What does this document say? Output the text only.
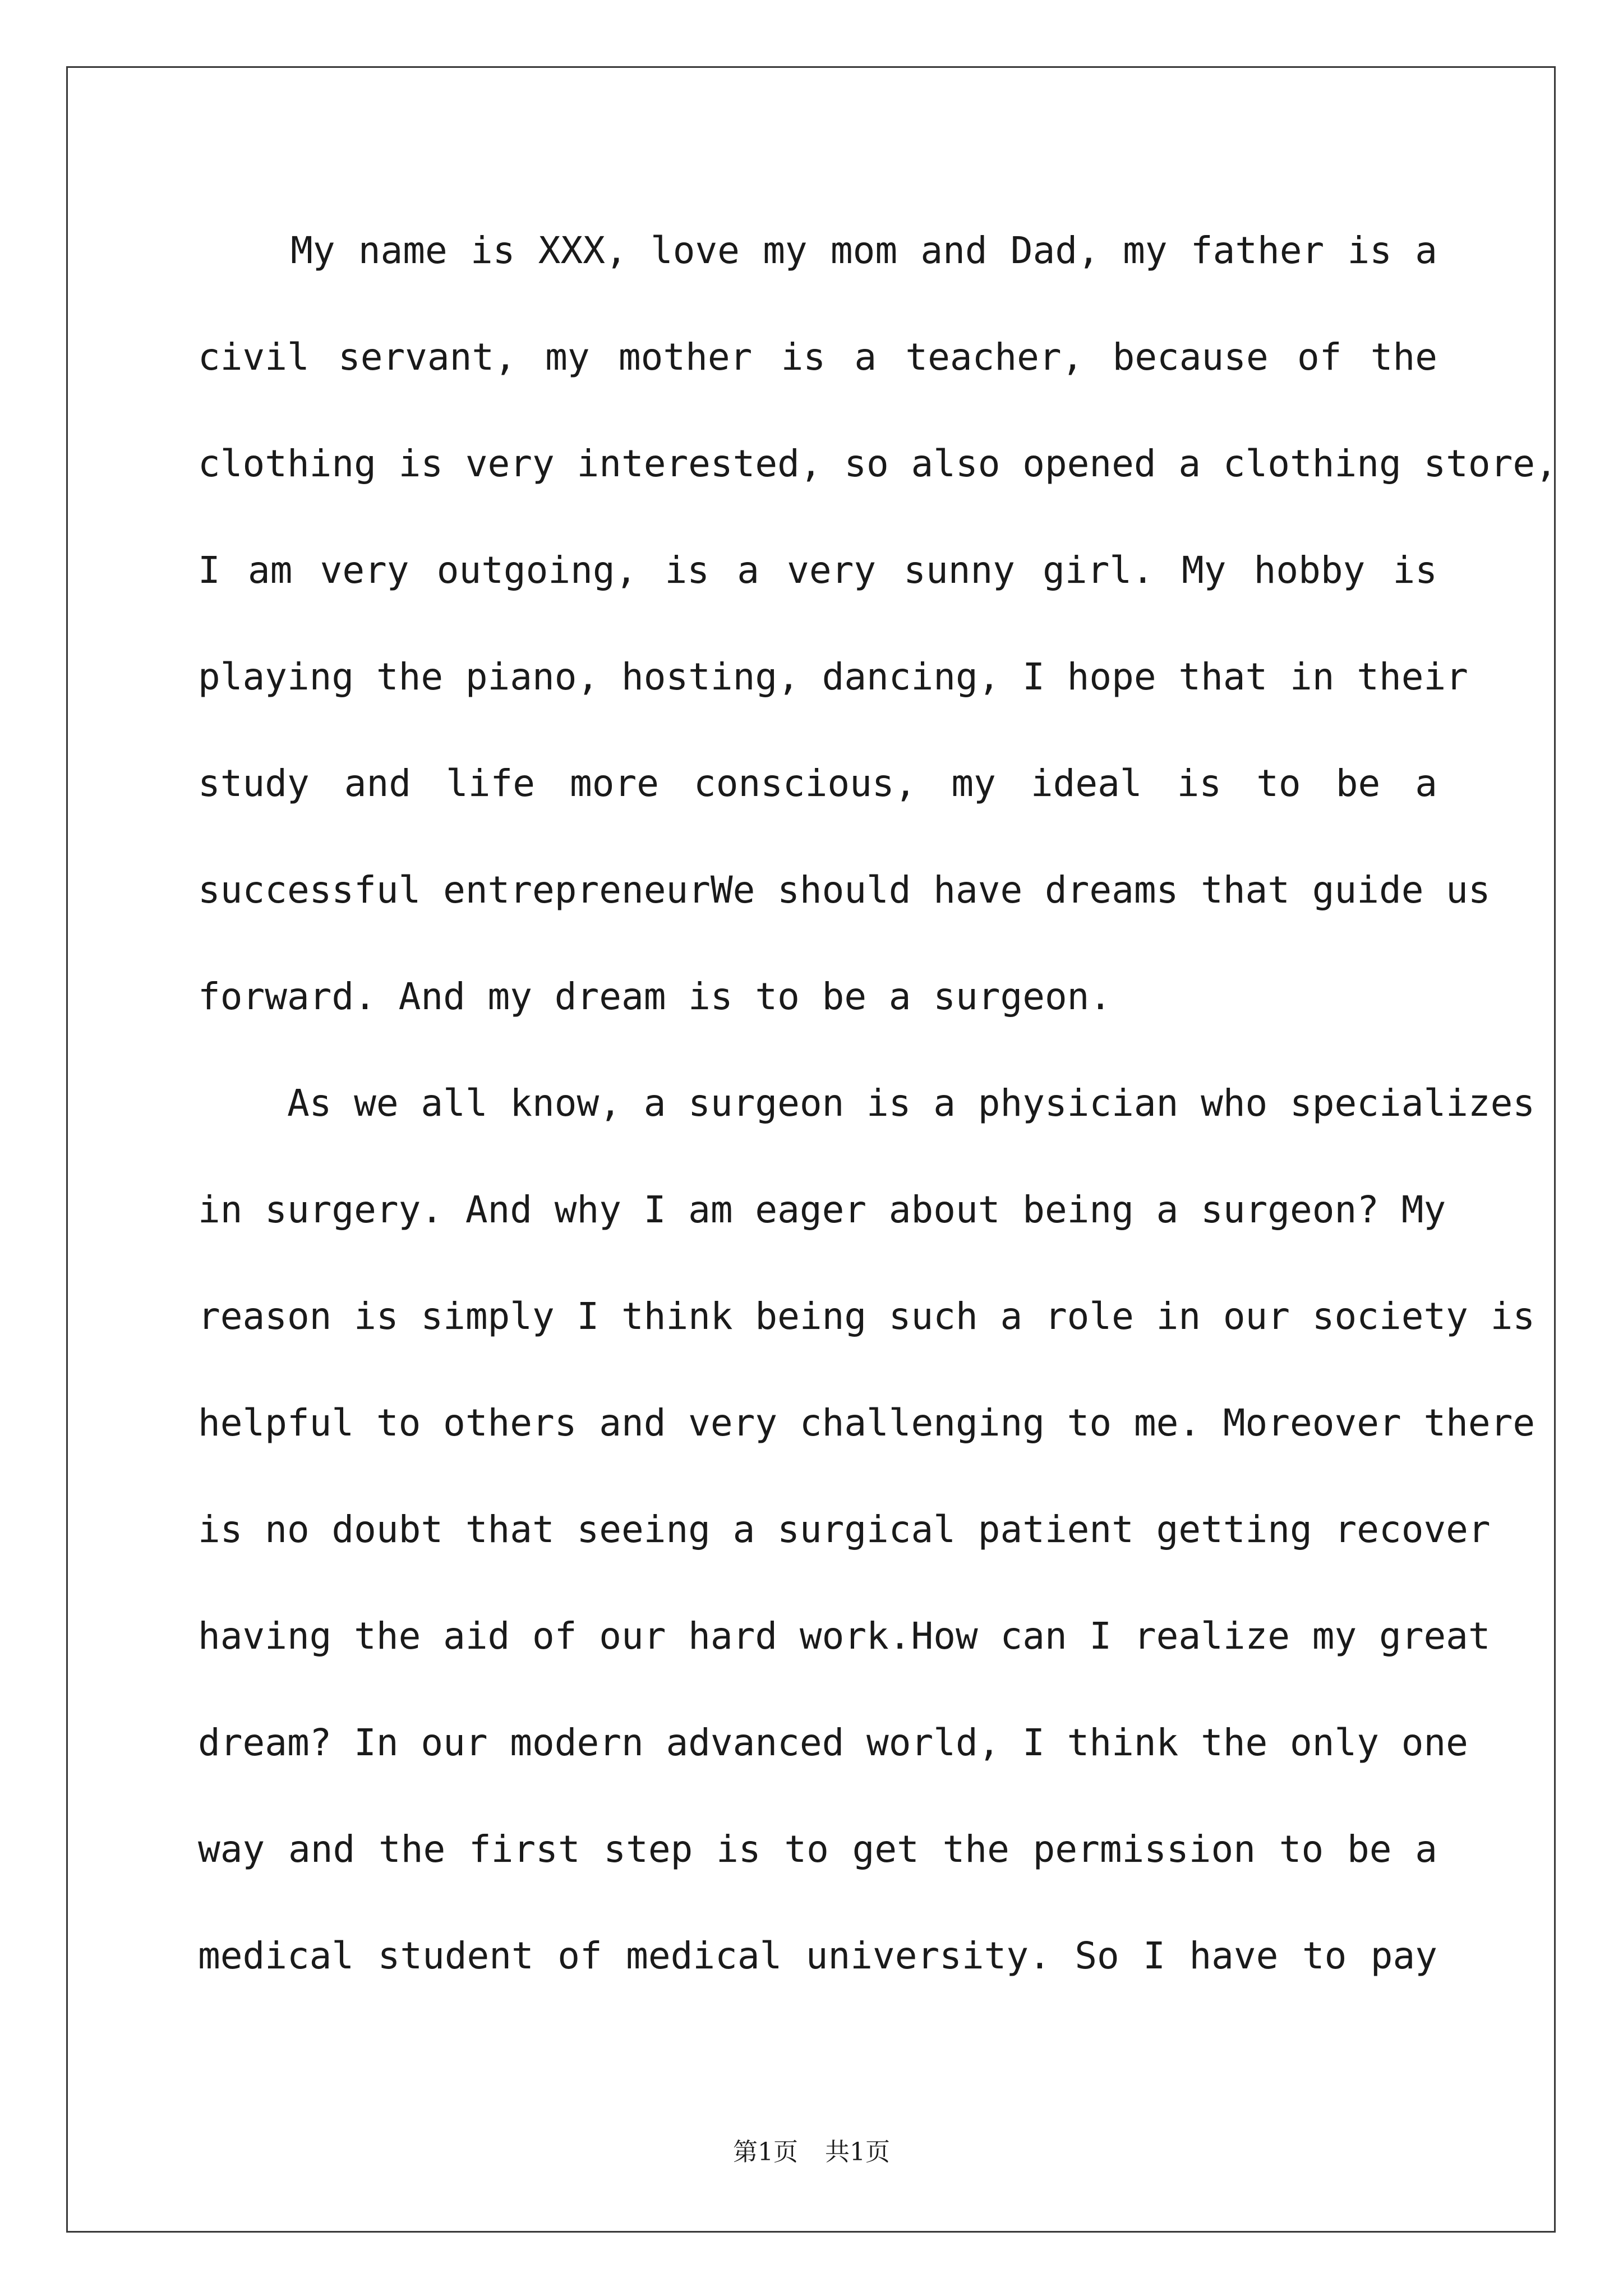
My name is XXX, love my mom and Dad, my father is a
civil servant, my mother is a teacher, because of the
clothing is very interested, so also opened a clothing store,
I am very outgoing, is a very sunny girl. My hobby is
playing the piano, hosting, dancing, I hope that in their
study and life more conscious, my ideal is to be a
successful entrepreneurWe should have dreams that guide us
forward. And my dream is to be a surgeon.
As we all know, a surgeon is a physician who specializes
in surgery. And why I am eager about being a surgeon? My
reason is simply I think being such a role in our society is
helpful to others and very challenging to me. Moreover there
is no doubt that seeing a surgical patient getting recover
having the aid of our hard work.How can I realize my great
dream? In our modern advanced world, I think the only one
way and the first step is to get the permission to be a
medical student of medical university. So I have to pay
第1页 共1页
